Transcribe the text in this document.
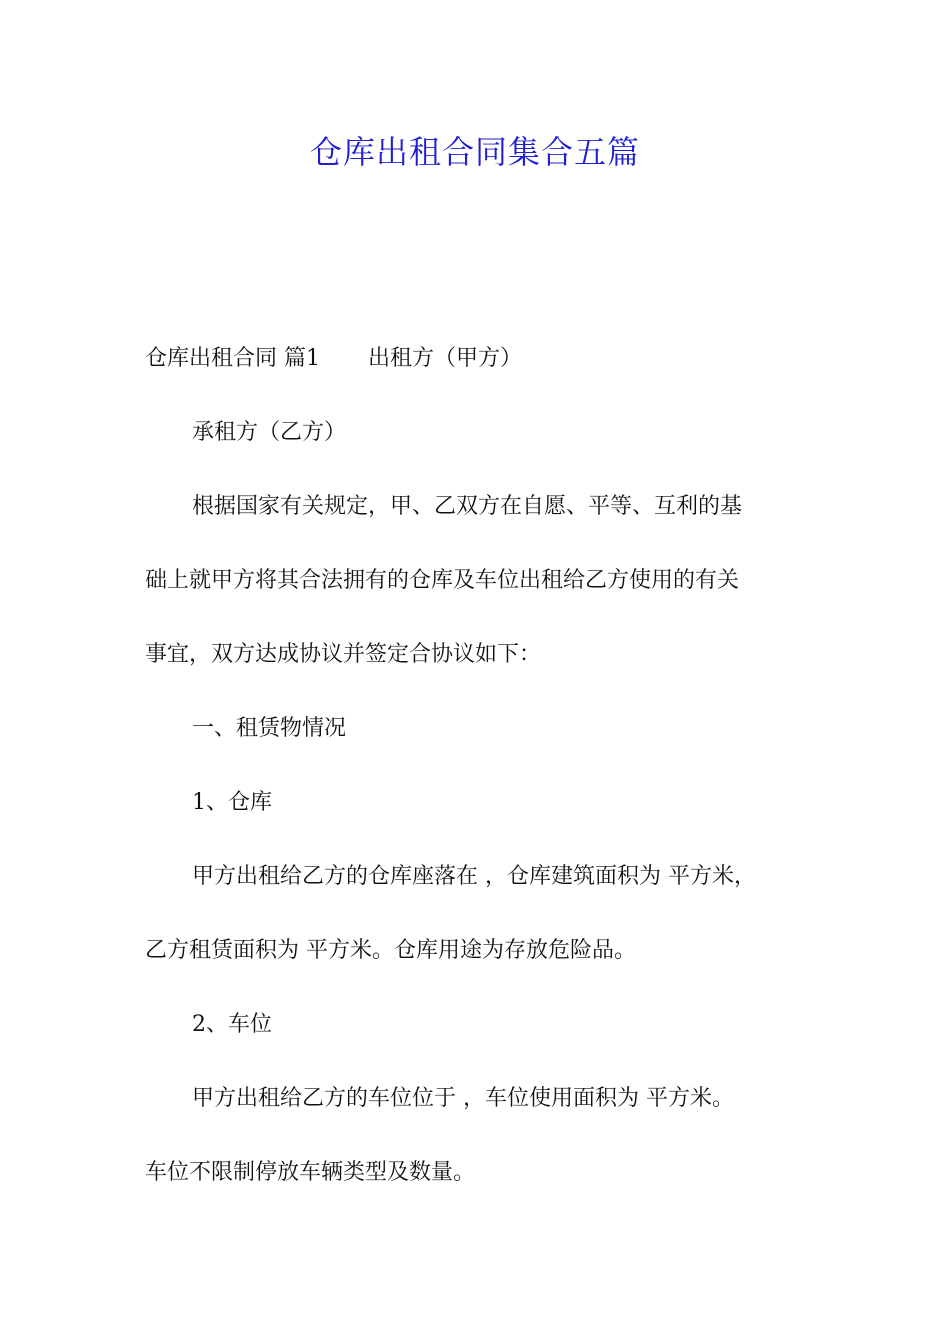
仓库出租合同集合五篇

仓库出租合同 篇1 出租方（甲方）

承租方（乙方）

根据国家有关规定，甲、乙双方在自愿、平等、互利的基

础上就甲方将其合法拥有的仓库及车位出租给乙方使用的有关

事宜，双方达成协议并签定合协议如下：

一、租赁物情况

1、仓库

甲方出租给乙方的仓库座落在 ，仓库建筑面积为 平方米，

乙方租赁面积为 平方米。仓库用途为存放危险品。

2、车位

甲方出租给乙方的车位位于 ，车位使用面积为 平方米。

车位不限制停放车辆类型及数量。
